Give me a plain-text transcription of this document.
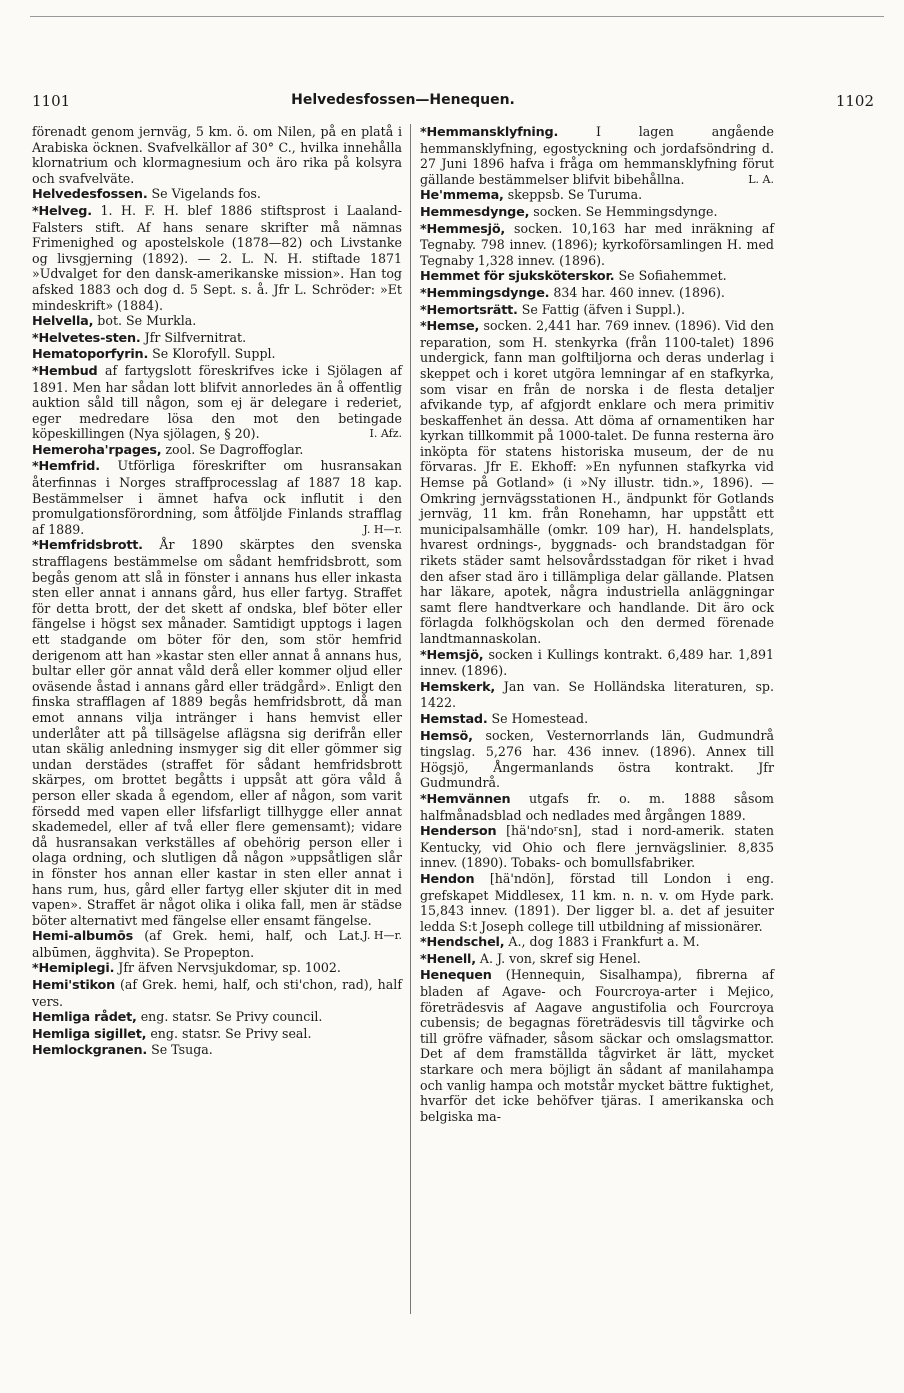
1101	Helvedesfossen—Henequen.	1102

förenadt genom jernväg, 5 km. ö. om Nilen, på en platå i Arabiska öcknen. Svafvelkällor af 30° C., hvilka innehålla klornatrium och klormagnesium och äro rika på kolsyra och svafvelväte.

Helvedesfossen. Se Vigelands fos.

*Helveg. 1. H. F. H. blef 1886 stiftsprost i Laaland-Falsters stift. Af hans senare skrifter må nämnas Frimenighed og apostelskole (1878—82) och Livstanke og livsgjerning (1892). — 2. L. N. H. stiftade 1871 »Udvalget for den dansk-amerikanske mission». Han tog afsked 1883 och dog d. 5 Sept. s. å. Jfr L. Schröder: »Et mindeskrift» (1884).

Helvella, bot. Se Murkla.

*Helvetes-sten. Jfr Silfvernitrat.

Hematoporfyrin. Se Klorofyll. Suppl.

*Hembud af fartygslott föreskrifves icke i Sjölagen af 1891. Men har sådan lott blifvit annorledes än å offentlig auktion såld till någon, som ej är delegare i rederiet, eger medredare lösa den mot den betingade köpeskillingen (Nya sjölagen, § 20).	I. Afz.

Hemeroha'rpages, zool. Se Dagroffoglar.

*Hemfrid. Utförliga föreskrifter om husransakan återfinnas i Norges straffprocesslag af 1887 18 kap. Bestämmelser i ämnet hafva ock influtit i den promulgationsförordning, som åtföljde Finlands strafflag af 1889.	J. H—r.

*Hemfridsbrott. År 1890 skärptes den svenska strafflagens bestämmelse om sådant hemfridsbrott, som begås genom att slå in fönster i annans hus eller inkasta sten eller annat i annans gård, hus eller fartyg. Straffet för detta brott, der det skett af ondska, blef böter eller fängelse i högst sex månader. Samtidigt upptogs i lagen ett stadgande om böter för den, som stör hemfrid derigenom att han »kastar sten eller annat å annans hus, bultar eller gör annat våld derå eller kommer oljud eller oväsende åstad i annans gård eller trädgård». Enligt den finska strafflagen af 1889 begås hemfridsbrott, då man emot annans vilja intränger i hans hemvist eller underlåter att på tillsägelse aflägsna sig derifrån eller utan skälig anledning insmyger sig dit eller gömmer sig undan derstädes (straffet för sådant hemfridsbrott skärpes, om brottet begåtts i uppsåt att göra våld å person eller skada å egendom, eller af någon, som varit försedd med vapen eller lifsfarligt tillhygge eller annat skademedel, eller af två eller flere gemensamt); vidare då husransakan verkställes af obehörig person eller i olaga ordning, och slutligen då någon »uppsåtligen slår in fönster hos annan eller kastar in sten eller annat i hans rum, hus, gård eller fartyg eller skjuter dit in med vapen». Straffet är något olika i olika fall, men är städse böter alternativt med fängelse eller ensamt fängelse.
J. H—r.

Hemi-albumōs (af Grek. hemi, half, och Lat. albūmen, ägghvita). Se Propepton.

*Hemiplegi. Jfr äfven Nervsjukdomar, sp. 1002.

Hemi'stikon (af Grek. hemi, half, och sti'chon, rad), half vers.

Hemliga rådet, eng. statsr. Se Privy council.

Hemliga sigillet, eng. statsr. Se Privy seal.

Hemlockgranen. Se Tsuga.

*Hemmansklyfning.	I lagen angående hemmansklyfning, egostyckning och jordafsöndring d. 27 Juni 1896 hafva i fråga om hemmansklyfning förut gällande bestämmelser blifvit bibehållna.	L. A.

He'mmema, skeppsb. Se Turuma.

Hemmesdynge, socken. Se Hemmingsdynge.

*Hemmesjö, socken. 10,163 har med inräkning af Tegnaby. 798 innev. (1896); kyrkoförsamlingen H. med Tegnaby 1,328 innev. (1896).

Hemmet för sjuksköterskor. Se Sofiahemmet.

*Hemmingsdynge. 834 har. 460 innev. (1896).

*Hemortsrätt. Se Fattig (äfven i Suppl.).

*Hemse, socken. 2,441 har. 769 innev. (1896). Vid den reparation, som H. stenkyrka (från 1100-talet) 1896 undergick, fann man golftiljorna och deras underlag i skeppet och i koret utgöra lemningar af en stafkyrka, som visar en från de norska i de flesta detaljer afvikande typ, af afgjordt enklare och mera primitiv beskaffenhet än dessa. Att döma af ornamentiken har kyrkan tillkommit på 1000-talet. De funna resterna äro inköpta för statens historiska museum, der de nu förvaras. Jfr E. Ekhoff: »En nyfunnen stafkyrka vid Hemse på Gotland» (i »Ny illustr. tidn.», 1896). — Omkring jernvägsstationen H., ändpunkt för Gotlands jernväg, 11 km. från Ronehamn, har uppstått ett municipalsamhälle (omkr. 109 har), H. handelsplats, hvarest ordnings-, byggnads- och brandstadgan för rikets städer samt helsovårdsstadgan för riket i hvad den afser stad äro i tillämpliga delar gällande. Platsen har läkare, apotek, några industriella anläggningar samt flere handtverkare och handlande. Dit äro ock förlagda folkhögskolan och den dermed förenade landtmannaskolan.

*Hemsjö, socken i Kullings kontrakt. 6,489 har. 1,891 innev. (1896).

Hemskerk, Jan van. Se Holländska literaturen, sp. 1422.

Hemstad. Se Homestead.

Hemsö, socken, Vesternorrlands län, Gudmundrå tingslag. 5,276 har. 436 innev. (1896). Annex till Högsjö, Ångermanlands östra kontrakt. Jfr Gudmundrå.

*Hemvännen utgafs fr. o. m. 1888 såsom halfmånadsblad och nedlades med årgången 1889.

Henderson [hä'ndoʳsn], stad i nord-amerik. staten Kentucky, vid Ohio och flere jernvägslinier. 8,835 innev. (1890). Tobaks- och bomullsfabriker.

Hendon [hä'ndön], förstad till London i eng. grefskapet Middlesex, 11 km. n. n. v. om Hyde park. 15,843 innev. (1891). Der ligger bl. a. det af jesuiter ledda S:t Joseph college till utbildning af missionärer.

*Hendschel, A., dog 1883 i Frankfurt a. M.

*Henell, A. J. von, skref sig Henel.

Henequen (Hennequin, Sisalhampa), fibrerna af bladen af Agave- och Fourcroya-arter i Mejico, företrädesvis af Aagave angustifolia och Fourcroya cubensis; de begagnas företrädesvis till tågvirke och till gröfre väfnader, såsom säckar och omslagsmattor. Det af dem framställda tågvirket är lätt, mycket starkare och mera böjligt än sådant af manilahampa och vanlig hampa och motstår mycket bättre fuktighet, hvarför det icke behöfver tjäras. I amerikanska och belgiska ma-
